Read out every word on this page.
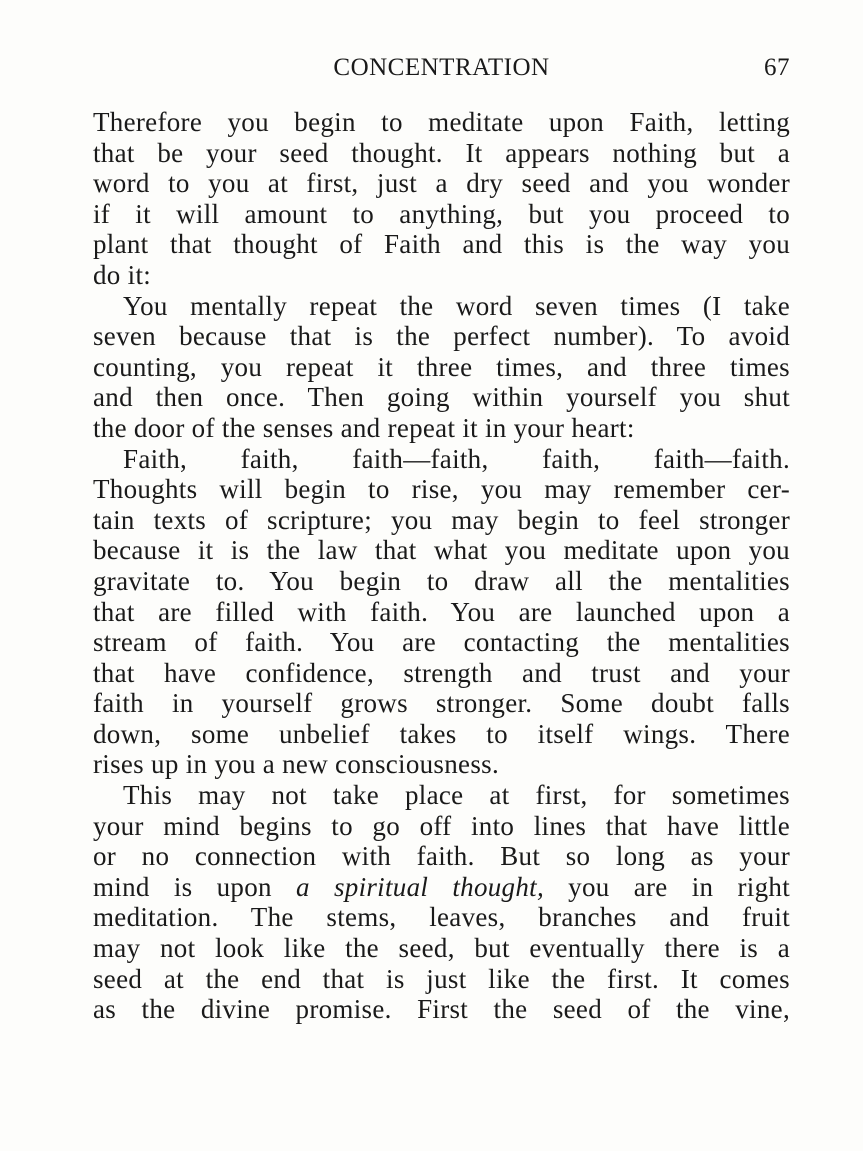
CONCENTRATION	67
Therefore you begin to meditate upon Faith, letting
that be your seed thought. It appears nothing but a
word to you at first, just a dry seed and you wonder
if it will amount to anything, but you proceed to
plant that thought of Faith and this is the way you
do it:
You mentally repeat the word seven times (I take
seven because that is the perfect number). To avoid
counting, you repeat it three times, and three times
and then once. Then going within yourself you shut
the door of the senses and repeat it in your heart:
Faith, faith, faith—faith, faith, faith—faith.
Thoughts will begin to rise, you may remember cer-
tain texts of scripture; you may begin to feel stronger
because it is the law that what you meditate upon you
gravitate to. You begin to draw all the mentalities
that are filled with faith. You are launched upon a
stream of faith. You are contacting the mentalities
that have confidence, strength and trust and your
faith in yourself grows stronger. Some doubt falls
down, some unbelief takes to itself wings. There
rises up in you a new consciousness.
This may not take place at first, for sometimes
your mind begins to go off into lines that have little
or no connection with faith. But so long as your
mind is upon a spiritual thought, you are in right
meditation. The stems, leaves, branches and fruit
may not look like the seed, but eventually there is a
seed at the end that is just like the first. It comes
as the divine promise. First the seed of the vine,
